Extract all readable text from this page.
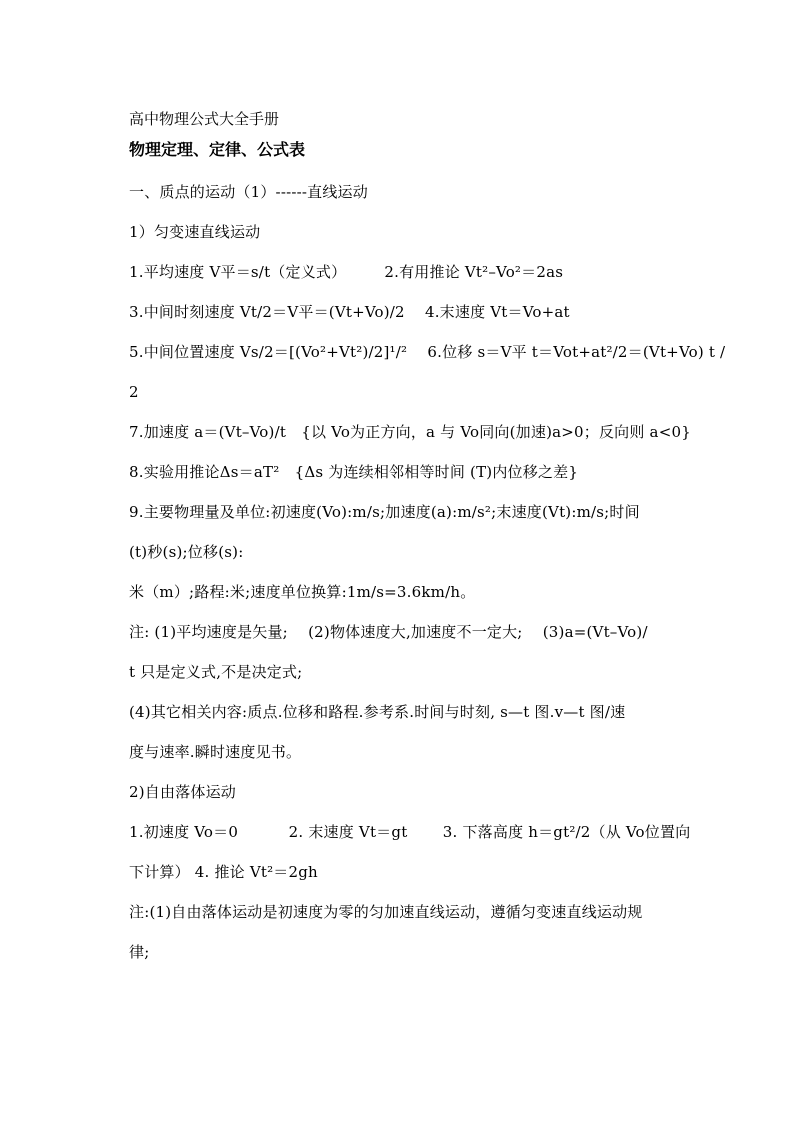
高中物理公式大全手册
物理定理、定律、公式表
一、质点的运动（1）------直线运动
1）匀变速直线运动
1.平均速度 V平＝s/t（定义式）　　　2.有用推论 Vt²–Vo²＝2as
3.中间时刻速度 Vt/2＝V平＝(Vt+Vo)/2　 4.末速度 Vt＝Vo+at
5.中间位置速度 Vs/2＝[(Vo²+Vt²)/2]¹/²　 6.位移 s＝V平 t＝Vot+at²/2＝(Vt+Vo) t /
2
7.加速度 a＝(Vt–Vo)/t　{以 Vo为正方向，a 与 Vo同向(加速)a>0；反向则 a<0}
8.实验用推论Δs＝aT²　{Δs 为连续相邻相等时间 (T)内位移之差}
9.主要物理量及单位:初速度(Vo):m/s;加速度(a):m/s²;末速度(Vt):m/s;时间
(t)秒(s);位移(s):
米（m）;路程:米;速度单位换算:1m/s=3.6km/h。
注: (1)平均速度是矢量;　 (2)物体速度大,加速度不一定大;　 (3)a=(Vt–Vo)/
t 只是定义式,不是决定式;
(4)其它相关内容:质点.位移和路程.参考系.时间与时刻, s—t 图.v—t 图/速
度与速率.瞬时速度见书。
2)自由落体运动
1.初速度 Vo＝0　　　 2. 末速度 Vt＝gt　　 3. 下落高度 h＝gt²/2（从 Vo位置向
下计算） 4. 推论 Vt²＝2gh
注:(1)自由落体运动是初速度为零的匀加速直线运动，遵循匀变速直线运动规
律;
